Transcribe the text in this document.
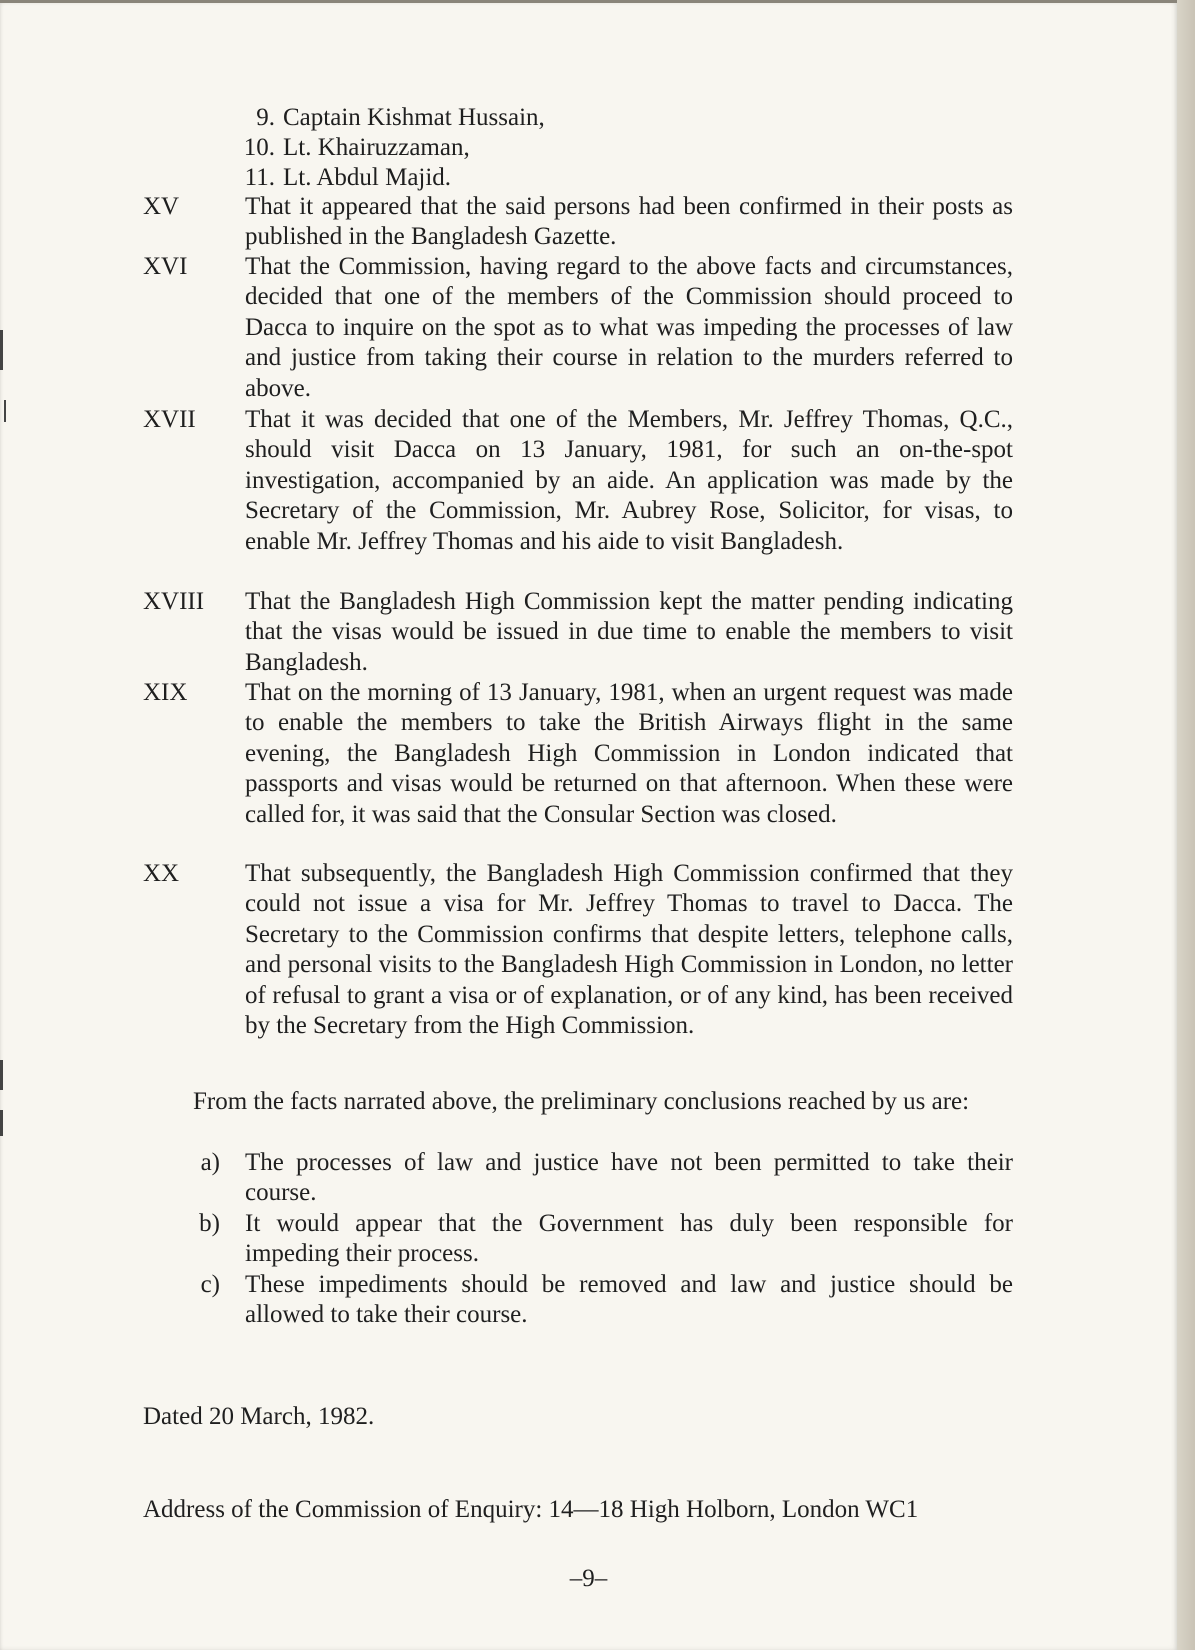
9. Captain Kishmat Hussain,
10. Lt. Khairuzzaman,
11. Lt. Abdul Majid.
XV	That it appeared that the said persons had been confirmed in their posts as published in the Bangladesh Gazette.
XVI	That the Commission, having regard to the above facts and circumstances, decided that one of the members of the Commission should proceed to Dacca to inquire on the spot as to what was impeding the processes of law and justice from taking their course in relation to the murders referred to above.
XVII	That it was decided that one of the Members, Mr. Jeffrey Thomas, Q.C., should visit Dacca on 13 January, 1981, for such an on-the-spot investigation, accompanied by an aide. An application was made by the Secretary of the Commission, Mr. Aubrey Rose, Solicitor, for visas, to enable Mr. Jeffrey Thomas and his aide to visit Bangladesh.
XVIII	That the Bangladesh High Commission kept the matter pending indicating that the visas would be issued in due time to enable the members to visit Bangladesh.
XIX	That on the morning of 13 January, 1981, when an urgent request was made to enable the members to take the British Airways flight in the same evening, the Bangladesh High Commission in London indicated that passports and visas would be returned on that afternoon. When these were called for, it was said that the Consular Section was closed.
XX	That subsequently, the Bangladesh High Commission confirmed that they could not issue a visa for Mr. Jeffrey Thomas to travel to Dacca. The Secretary to the Commission confirms that despite letters, telephone calls, and personal visits to the Bangladesh High Commission in London, no letter of refusal to grant a visa or of explanation, or of any kind, has been received by the Secretary from the High Commission.
From the facts narrated above, the preliminary conclusions reached by us are:
a) The processes of law and justice have not been permitted to take their course.
b) It would appear that the Government has duly been responsible for impeding their process.
c) These impediments should be removed and law and justice should be allowed to take their course.
Dated 20 March, 1982.
Address of the Commission of Enquiry: 14—18 High Holborn, London WC1
–9–
